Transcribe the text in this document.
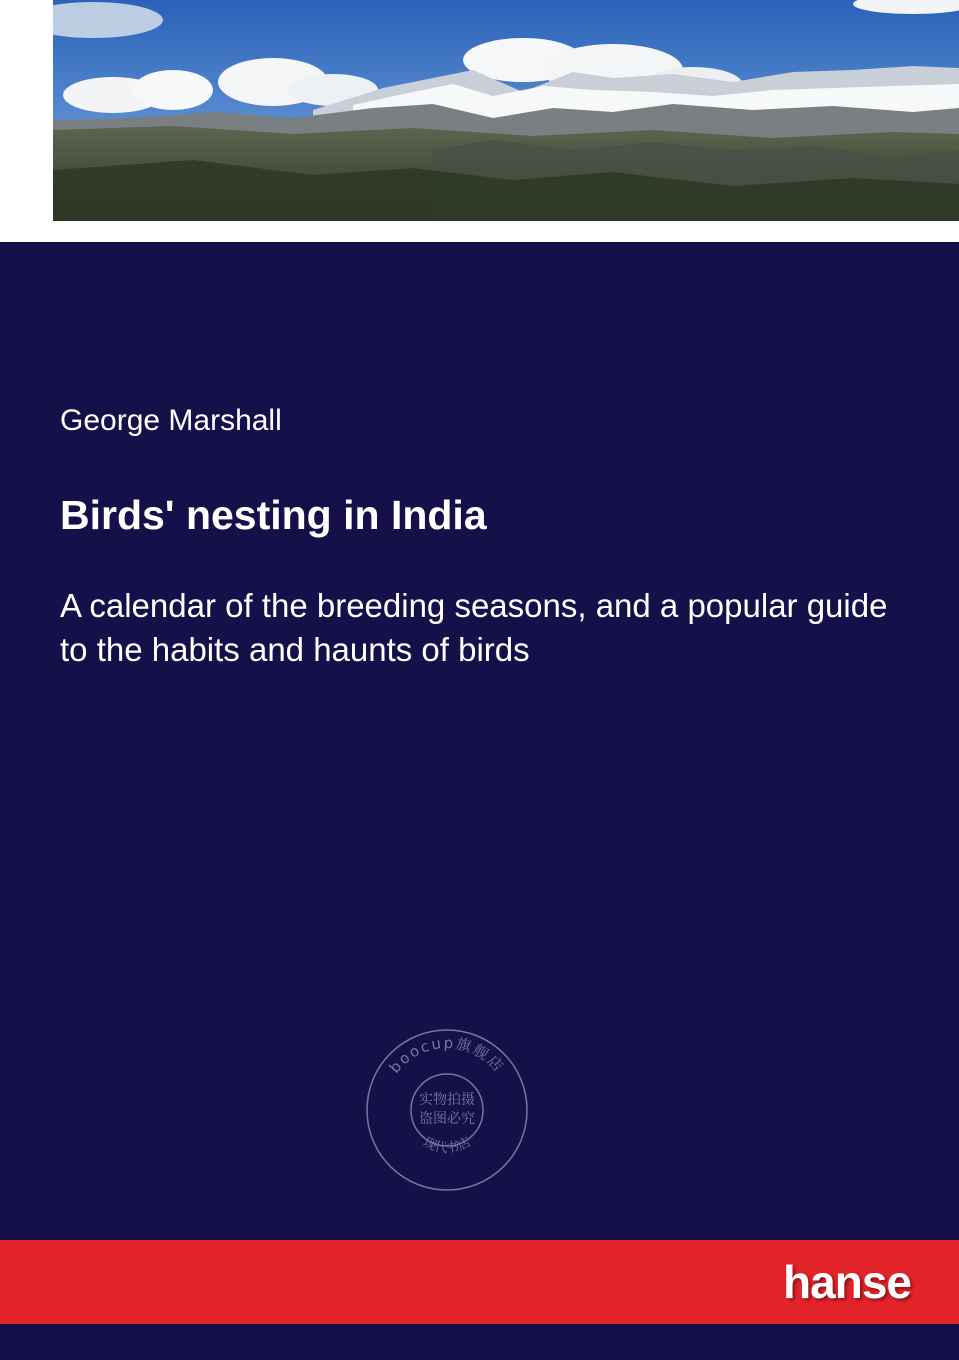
George Marshall
Birds' nesting in India
A calendar of the breeding seasons, and a popular guide to the habits and haunts of birds
boocup旗舰店
实物拍摄
盗图必究
现代书店
hanse
